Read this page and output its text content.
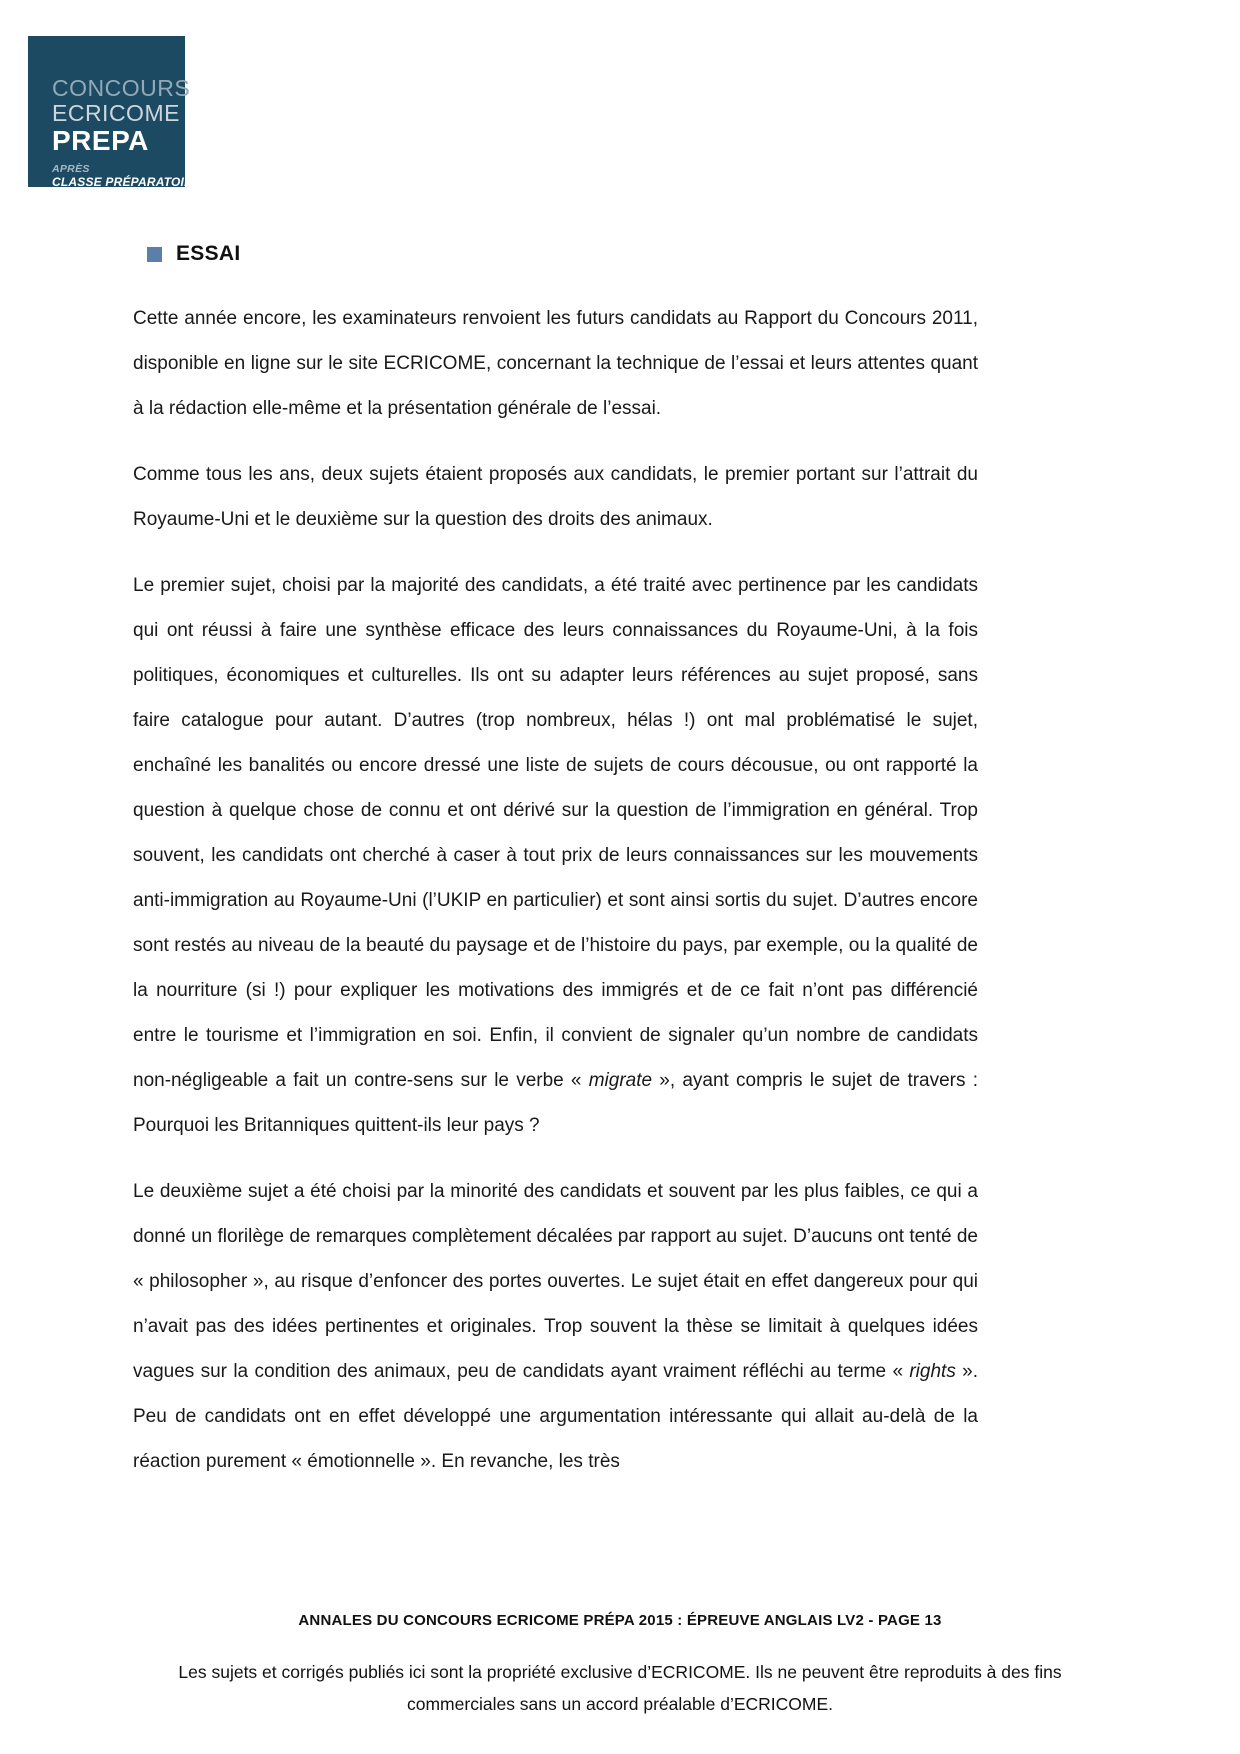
CONCOURS
ECRICOME
PREPA
APRÈS
CLASSE PRÉPARATOIRE
ESSAI

Cette année encore, les examinateurs renvoient les futurs candidats au Rapport du Concours 2011, disponible en ligne sur le site ECRICOME, concernant la technique de l’essai et leurs attentes quant à la rédaction elle-même et la présentation générale de l’essai.

Comme tous les ans, deux sujets étaient proposés aux candidats, le premier portant sur l’attrait du Royaume-Uni et le deuxième sur la question des droits des animaux.

Le premier sujet, choisi par la majorité des candidats, a été traité avec pertinence par les candidats qui ont réussi à faire une synthèse efficace des leurs connaissances du Royaume-Uni, à la fois politiques, économiques et culturelles. Ils ont su adapter leurs références au sujet proposé, sans faire catalogue pour autant. D’autres (trop nombreux, hélas !) ont mal problématisé le sujet, enchaîné les banalités ou encore dressé une liste de sujets de cours décousue, ou ont rapporté la question à quelque chose de connu et ont dérivé sur la question de l’immigration en général. Trop souvent, les candidats ont cherché à caser à tout prix de leurs connaissances sur les mouvements anti-immigration au Royaume-Uni (l’UKIP en particulier) et sont ainsi sortis du sujet. D’autres encore sont restés au niveau de la beauté du paysage et de l’histoire du pays, par exemple, ou la qualité de la nourriture (si !) pour expliquer les motivations des immigrés et de ce fait n’ont pas différencié entre le tourisme et l’immigration en soi. Enfin, il convient de signaler qu’un nombre de candidats non-négligeable a fait un contre-sens sur le verbe « migrate », ayant compris le sujet de travers : Pourquoi les Britanniques quittent-ils leur pays ?

Le deuxième sujet a été choisi par la minorité des candidats et souvent par les plus faibles, ce qui a donné un florilège de remarques complètement décalées par rapport au sujet. D’aucuns ont tenté de « philosopher », au risque d’enfoncer des portes ouvertes. Le sujet était en effet dangereux pour qui n’avait pas des idées pertinentes et originales. Trop souvent la thèse se limitait à quelques idées vagues sur la condition des animaux, peu de candidats ayant vraiment réfléchi au terme « rights ». Peu de candidats ont en effet développé une argumentation intéressante qui allait au-delà de la réaction purement « émotionnelle ». En revanche, les très

ANNALES DU CONCOURS ECRICOME PRÉPA 2015 : ÉPREUVE ANGLAIS LV2 - PAGE 13
Les sujets et corrigés publiés ici sont la propriété exclusive d’ECRICOME. Ils ne peuvent être reproduits à des fins commerciales sans un accord préalable d’ECRICOME.
